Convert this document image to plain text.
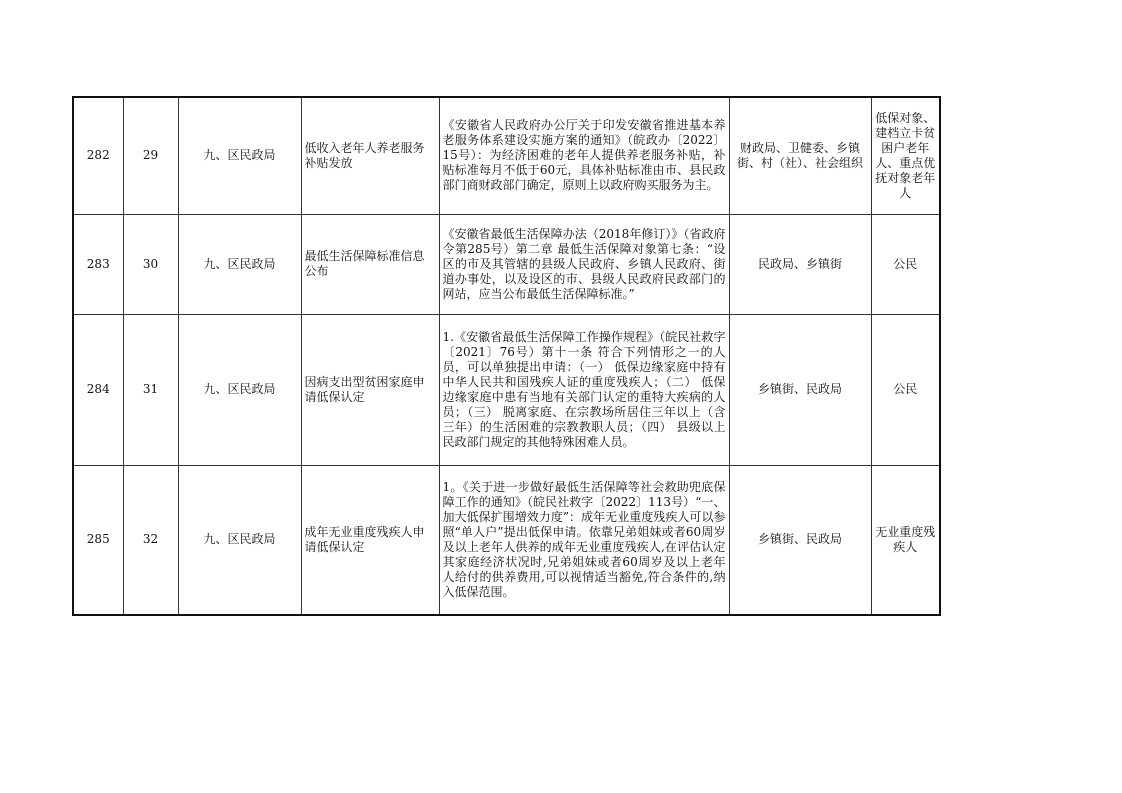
282	29	九、区民政局	低收入老年人养老服务补贴发放	《安徽省人民政府办公厅关于印发安徽省推进基本养老服务体系建设实施方案的通知》（皖政办〔2022〕15号）：为经济困难的老年人提供养老服务补贴，补贴标准每月不低于60元，具体补贴标准由市、县民政部门商财政部门确定，原则上以政府购买服务为主。	财政局、卫健委、乡镇街、村（社）、社会组织	低保对象、建档立卡贫困户老年人、重点优抚对象老年人
283	30	九、区民政局	最低生活保障标准信息公布	《安徽省最低生活保障办法（2018年修订）》（省政府令第285号）第二章 最低生活保障对象第七条：“设区的市及其管辖的县级人民政府、乡镇人民政府、街道办事处，以及设区的市、县级人民政府民政部门的网站，应当公布最低生活保障标准。”	民政局、乡镇街	公民
284	31	九、区民政局	因病支出型贫困家庭申请低保认定	1.《安徽省最低生活保障工作操作规程》（皖民社救字〔2021〕76号）第十一条 符合下列情形之一的人员，可以单独提出申请：（一） 低保边缘家庭中持有中华人民共和国残疾人证的重度残疾人；（二） 低保边缘家庭中患有当地有关部门认定的重特大疾病的人员；（三） 脱离家庭、在宗教场所居住三年以上（含三年）的生活困难的宗教教职人员；（四） 县级以上民政部门规定的其他特殊困难人员。	乡镇街、民政局	公民
285	32	九、区民政局	成年无业重度残疾人申请低保认定	1。《关于进一步做好最低生活保障等社会救助兜底保障工作的通知》（皖民社救字〔2022〕113号）“一、加大低保扩围增效力度”：成年无业重度残疾人可以参照“单人户”提出低保申请。依靠兄弟姐妹或者60周岁及以上老年人供养的成年无业重度残疾人,在评估认定其家庭经济状况时,兄弟姐妹或者60周岁及以上老年人给付的供养费用,可以视情适当豁免,符合条件的,纳入低保范围。	乡镇街、民政局	无业重度残疾人
